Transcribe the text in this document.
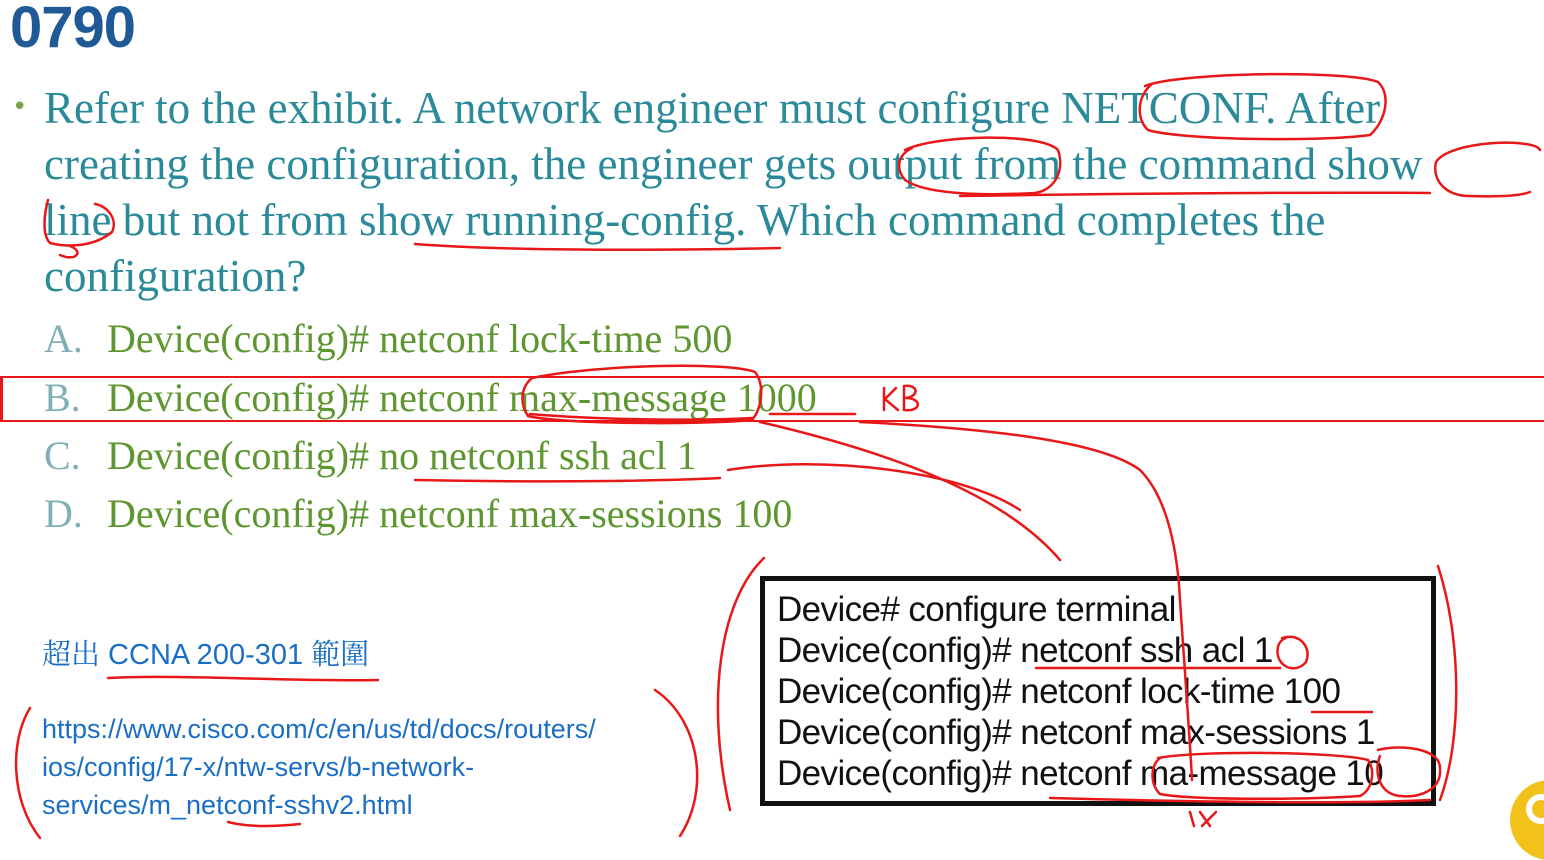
0790
• Refer to the exhibit. A network engineer must configure NETCONF. After
creating the configuration, the engineer gets output from the command show
line but not from show running-config. Which command completes the
configuration?
A. Device(config)# netconf lock-time 500
B. Device(config)# netconf max-message 1000
C. Device(config)# no netconf ssh acl 1
D. Device(config)# netconf max-sessions 100
超出 CCNA 200-301 範圍
https://www.cisco.com/c/en/us/td/docs/routers/
ios/config/17-x/ntw-servs/b-network-
services/m_netconf-sshv2.html
Device# configure terminal
Device(config)# netconf ssh acl 1
Device(config)# netconf lock-time 100
Device(config)# netconf max-sessions 1
Device(config)# netconf ma-message 10
